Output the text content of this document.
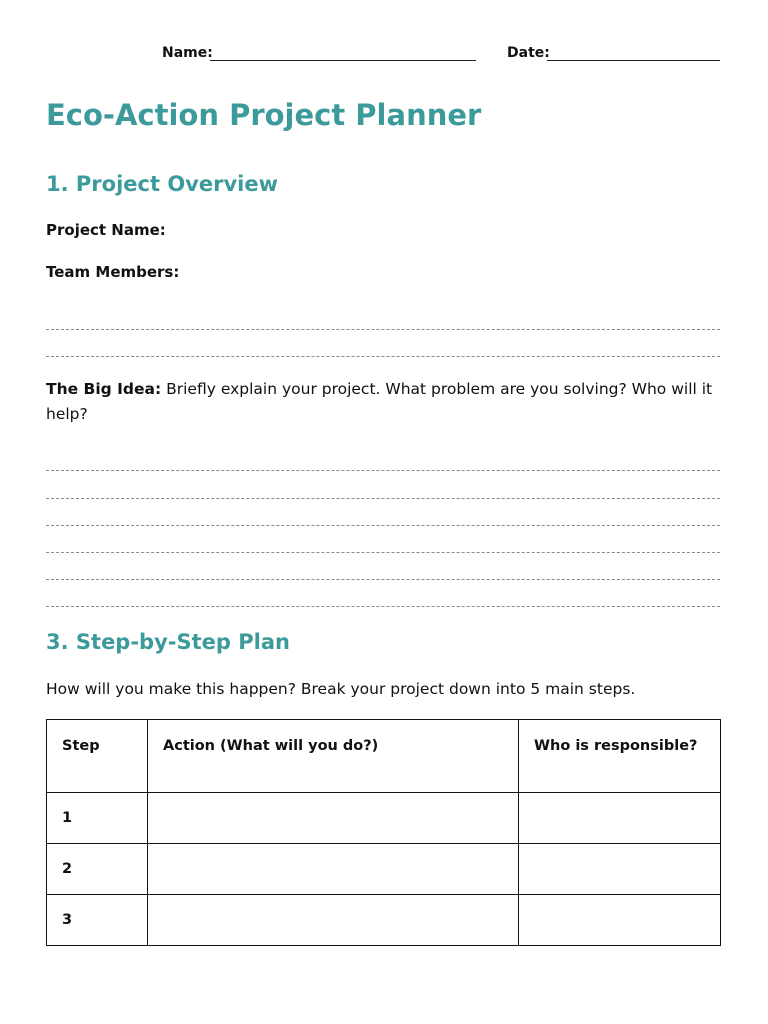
Name:	Date:
Eco-Action Project Planner
1. Project Overview
Project Name:
Team Members:
The Big Idea: Briefly explain your project. What problem are you solving? Who will it help?
3. Step-by-Step Plan
How will you make this happen? Break your project down into 5 main steps.
Step	Action (What will you do?)	Who is responsible?
1		
2		
3		
